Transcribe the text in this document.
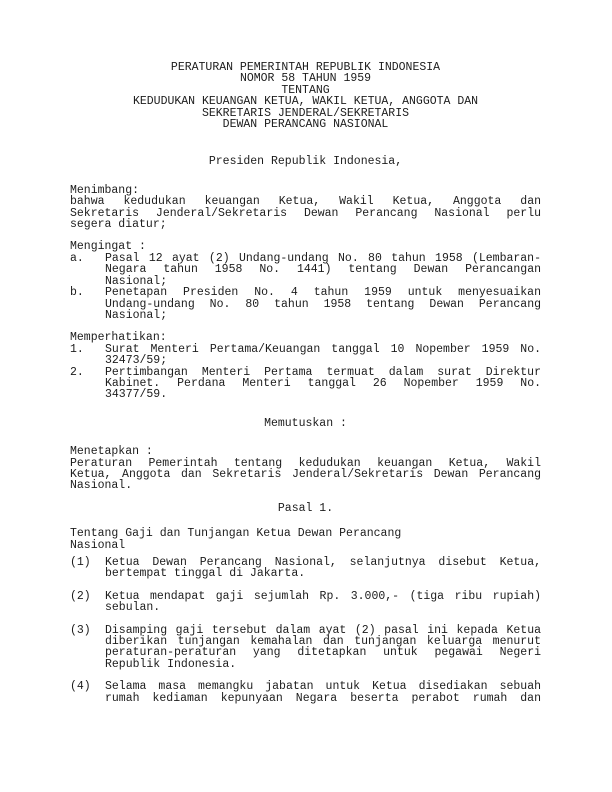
PERATURAN PEMERINTAH REPUBLIK INDONESIA
NOMOR 58 TAHUN 1959
TENTANG
KEDUDUKAN KEUANGAN KETUA, WAKIL KETUA, ANGGOTA DAN
SEKRETARIS JENDERAL/SEKRETARIS
DEWAN PERANCANG NASIONAL
Presiden Republik Indonesia,
Menimbang:
bahwa kedudukan keuangan Ketua, Wakil Ketua, Anggota dan
Sekretaris Jenderal/Sekretaris Dewan Perancang Nasional perlu
segera diatur;
Mengingat :
a.	Pasal 12 ayat (2) Undang-undang No. 80 tahun 1958 (Lembaran-
Negara tahun 1958 No. 1441) tentang Dewan Perancangan
Nasional;
b.	Penetapan Presiden No. 4 tahun 1959 untuk menyesuaikan
Undang-undang No. 80 tahun 1958 tentang Dewan Perancang
Nasional;
Memperhatikan:
1.	Surat Menteri Pertama/Keuangan tanggal 10 Nopember 1959 No.
32473/59;
2.	Pertimbangan Menteri Pertama termuat dalam surat Direktur
Kabinet. Perdana Menteri tanggal 26 Nopember 1959 No.
34377/59.
Memutuskan :
Menetapkan :
Peraturan Pemerintah tentang kedudukan keuangan Ketua, Wakil
Ketua, Anggota dan Sekretaris Jenderal/Sekretaris Dewan Perancang
Nasional.
Pasal 1.
Tentang Gaji dan Tunjangan Ketua Dewan Perancang
Nasional
(1)	Ketua Dewan Perancang Nasional, selanjutnya disebut Ketua,
bertempat tinggal di Jakarta.
(2)	Ketua mendapat gaji sejumlah Rp. 3.000,- (tiga ribu rupiah)
sebulan.
(3)	Disamping gaji tersebut dalam ayat (2) pasal ini kepada Ketua
diberikan tunjangan kemahalan dan tunjangan keluarga menurut
peraturan-peraturan yang ditetapkan untuk pegawai Negeri
Republik Indonesia.
(4)	Selama masa memangku jabatan untuk Ketua disediakan sebuah
rumah kediaman kepunyaan Negara beserta perabot rumah dan
